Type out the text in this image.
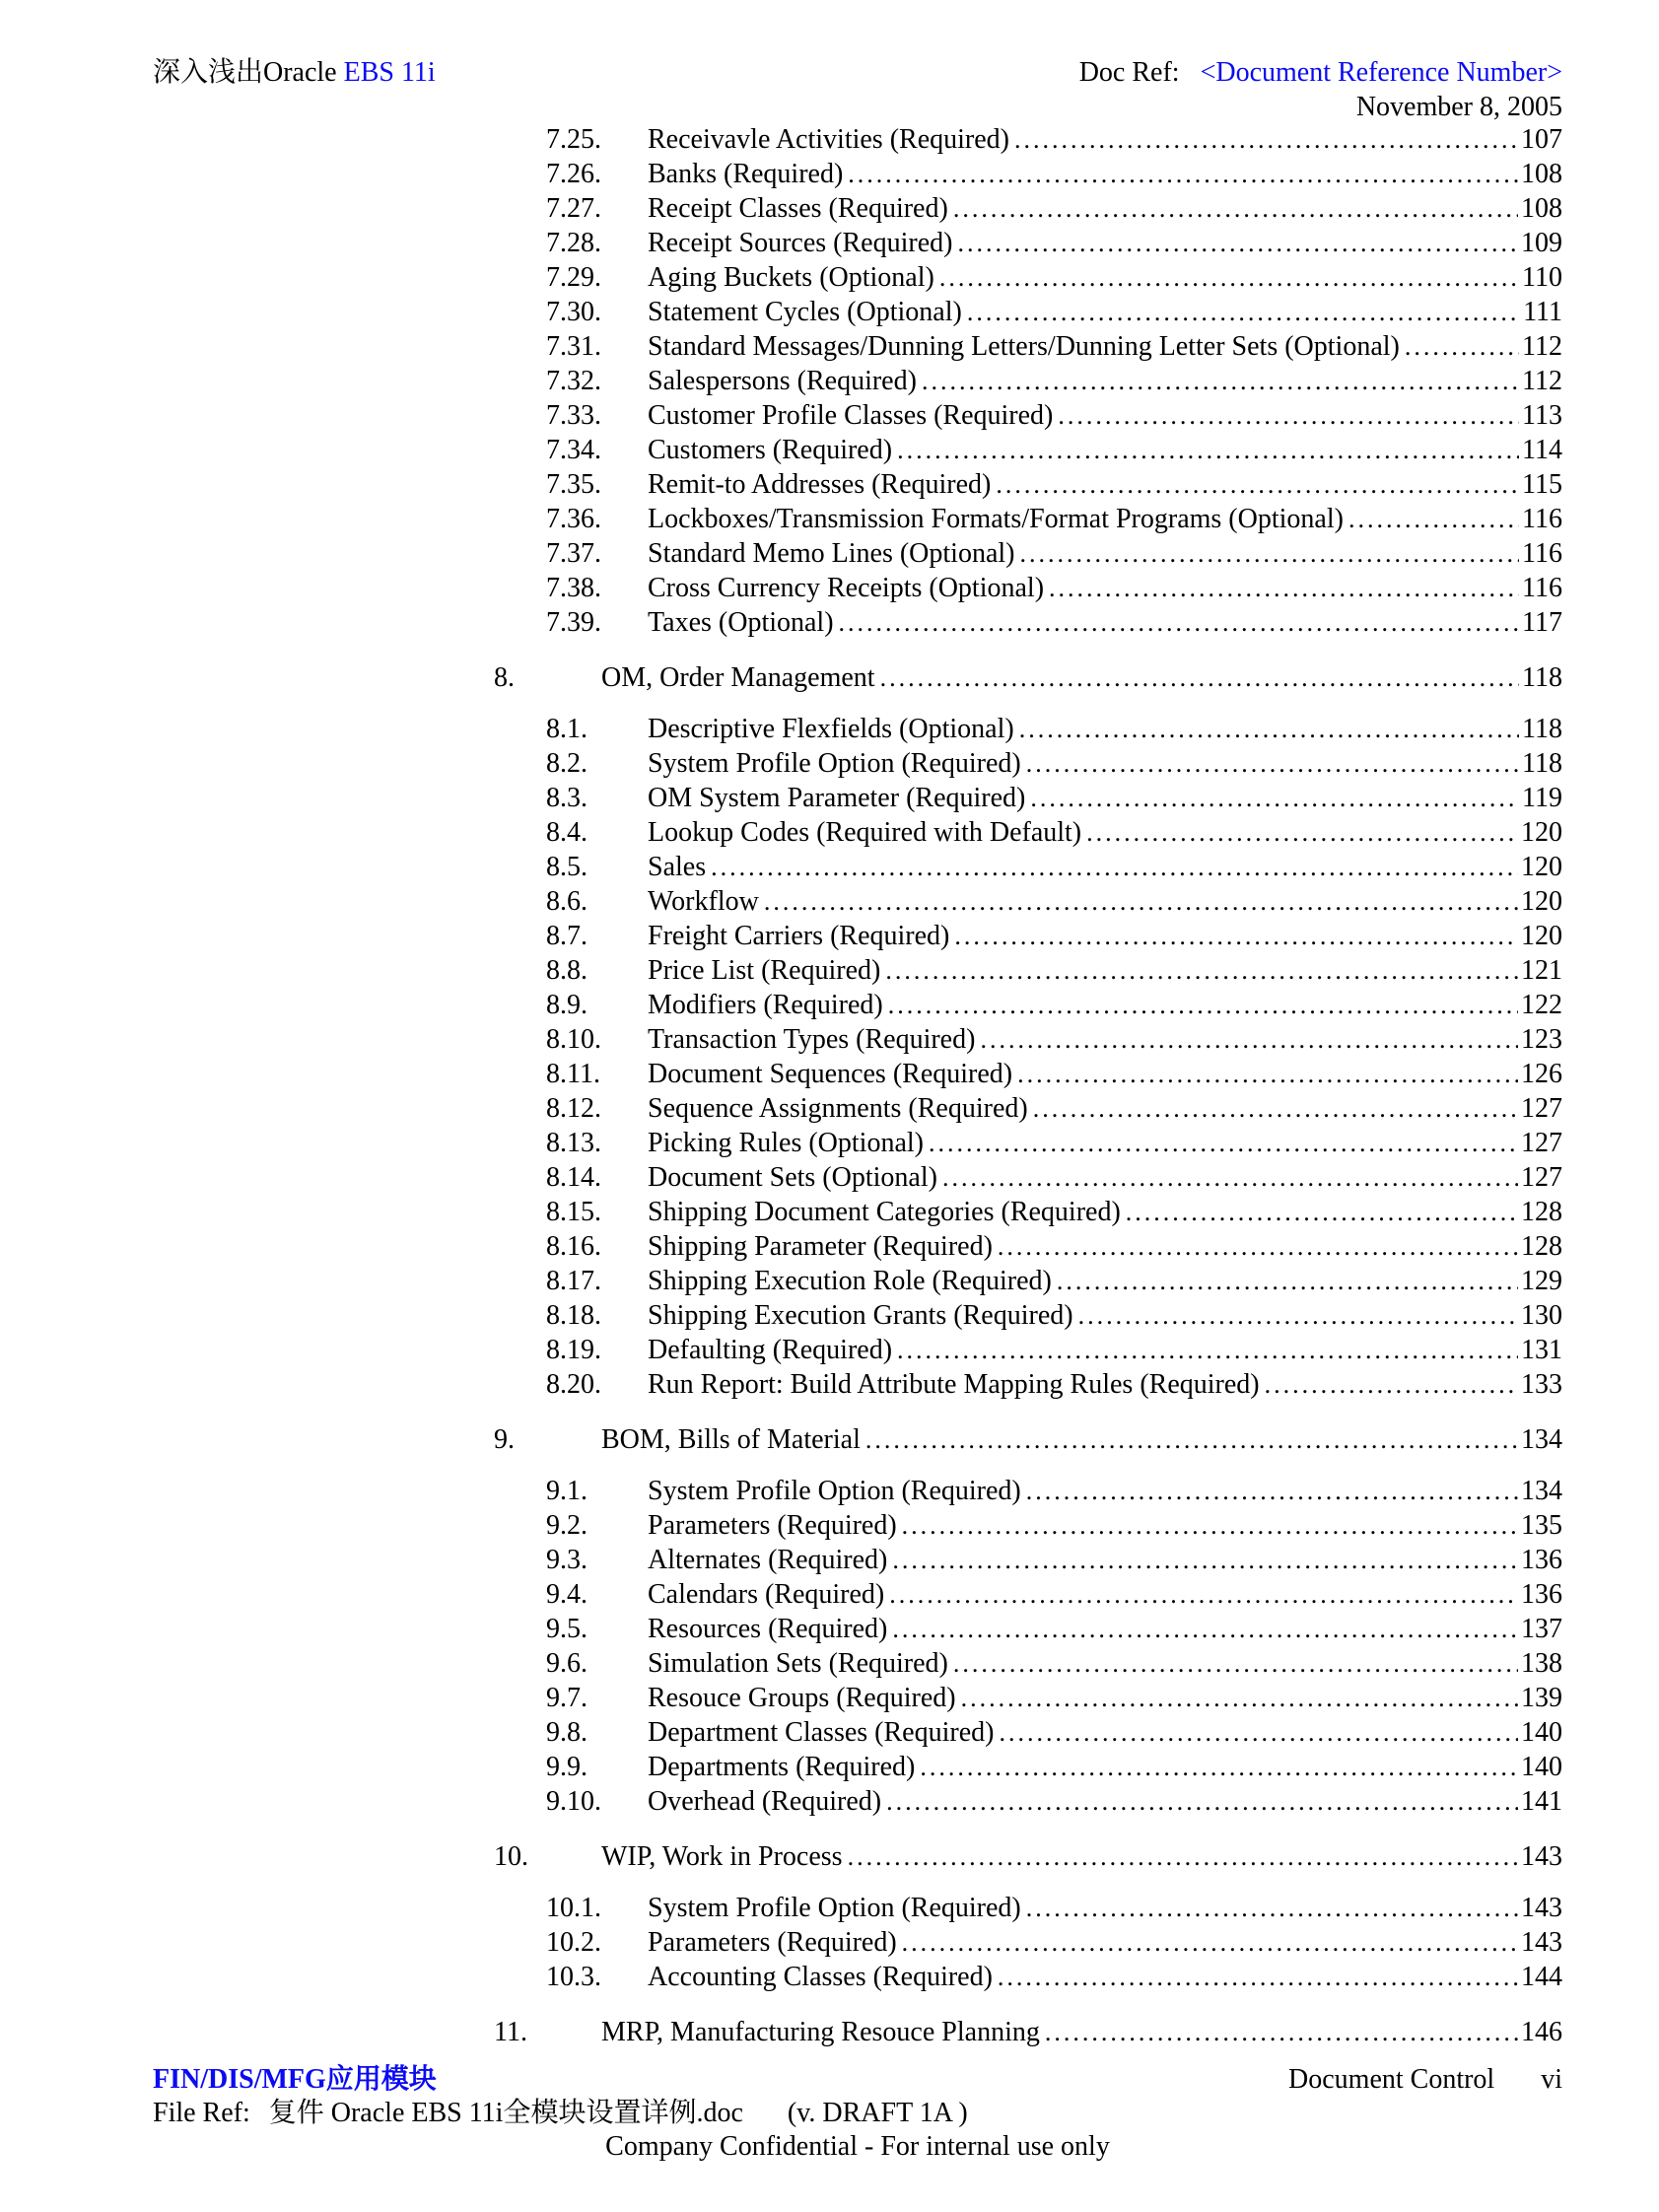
深入浅出Oracle EBS 11i	Doc Ref: <Document Reference Number>
November 8, 2005
7.25.	Receivavle Activities (Required) .....	107
7.26.	Banks (Required) .....	108
7.27.	Receipt Classes (Required) .....	108
7.28.	Receipt Sources (Required) .....	109
7.29.	Aging Buckets (Optional) .....	110
7.30.	Statement Cycles (Optional) .....	111
7.31.	Standard Messages/Dunning Letters/Dunning Letter Sets (Optional) .....	112
7.32.	Salespersons (Required) .....	112
7.33.	Customer Profile Classes (Required) .....	113
7.34.	Customers (Required) .....	114
7.35.	Remit-to Addresses (Required) .....	115
7.36.	Lockboxes/Transmission Formats/Format Programs (Optional) .....	116
7.37.	Standard Memo Lines (Optional) .....	116
7.38.	Cross Currency Receipts (Optional) .....	116
7.39.	Taxes (Optional) .....	117
8.	OM, Order Management .....	118
8.1.	Descriptive Flexfields (Optional) .....	118
8.2.	System Profile Option (Required) .....	118
8.3.	OM System Parameter (Required) .....	119
8.4.	Lookup Codes (Required with Default) .....	120
8.5.	Sales .....	120
8.6.	Workflow .....	120
8.7.	Freight Carriers (Required) .....	120
8.8.	Price List (Required) .....	121
8.9.	Modifiers (Required) .....	122
8.10.	Transaction Types (Required) .....	123
8.11.	Document Sequences (Required) .....	126
8.12.	Sequence Assignments (Required) .....	127
8.13.	Picking Rules (Optional) .....	127
8.14.	Document Sets (Optional) .....	127
8.15.	Shipping Document Categories (Required) .....	128
8.16.	Shipping Parameter (Required) .....	128
8.17.	Shipping Execution Role (Required) .....	129
8.18.	Shipping Execution Grants (Required) .....	130
8.19.	Defaulting (Required) .....	131
8.20.	Run Report: Build Attribute Mapping Rules (Required) .....	133
9.	BOM, Bills of Material .....	134
9.1.	System Profile Option (Required) .....	134
9.2.	Parameters (Required) .....	135
9.3.	Alternates (Required) .....	136
9.4.	Calendars (Required) .....	136
9.5.	Resources (Required) .....	137
9.6.	Simulation Sets (Required) .....	138
9.7.	Resouce Groups (Required) .....	139
9.8.	Department Classes (Required) .....	140
9.9.	Departments (Required) .....	140
9.10.	Overhead (Required) .....	141
10.	WIP, Work in Process .....	143
10.1.	System Profile Option (Required) .....	143
10.2.	Parameters (Required) .....	143
10.3.	Accounting Classes (Required) .....	144
11.	MRP, Manufacturing Resouce Planning .....	146
FIN/DIS/MFG应用模块	Document Control vi
File Ref: 复件 Oracle EBS 11i全模块设置详例.doc (v. DRAFT 1A )
Company Confidential - For internal use only
